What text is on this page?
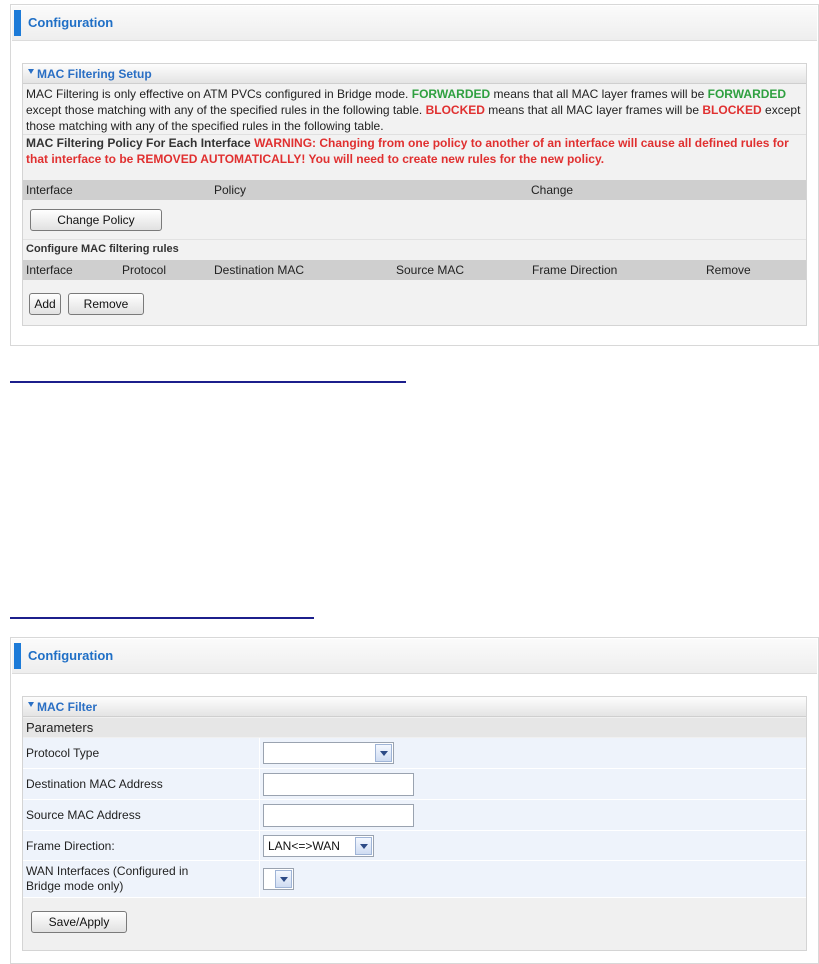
Configuration
MAC Filtering Setup
MAC Filtering is only effective on ATM PVCs configured in Bridge mode. FORWARDED means that all MAC layer frames will be FORWARDED except those matching with any of the specified rules in the following table. BLOCKED means that all MAC layer frames will be BLOCKED except those matching with any of the specified rules in the following table.
MAC Filtering Policy For Each Interface WARNING: Changing from one policy to another of an interface will cause all defined rules for that interface to be REMOVED AUTOMATICALLY! You will need to create new rules for the new policy.
Interface	Policy	Change
Change Policy
Configure MAC filtering rules
Interface	Protocol	Destination MAC	Source MAC	Frame Direction	Remove
Add	Remove
Configuration
MAC Filter
Parameters
Protocol Type
Destination MAC Address
Source MAC Address
Frame Direction:	LAN<=>WAN
WAN Interfaces (Configured in
Bridge mode only)
Save/Apply
